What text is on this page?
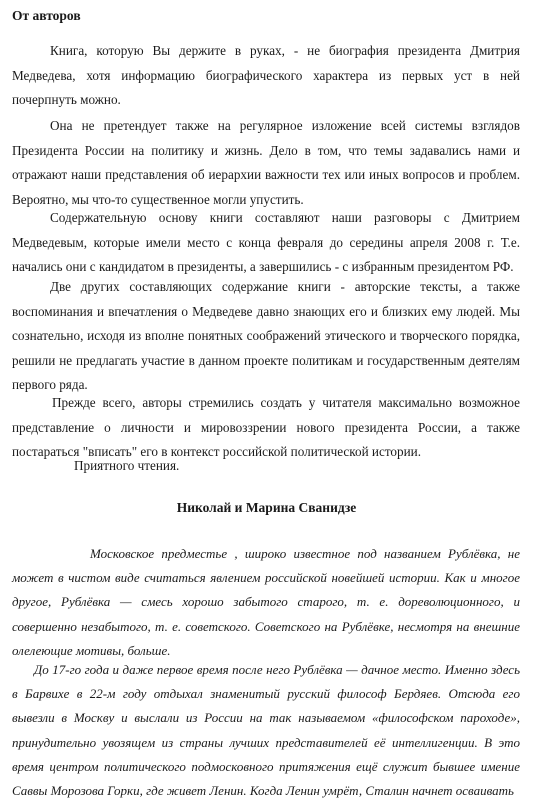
От авторов

Книга, которую Вы держите в руках, - не биография президента Дмитрия Медведева, хотя информацию биографического характера из первых уст в ней почерпнуть можно.

Она не претендует также на регулярное изложение всей системы взглядов Президента России на политику и жизнь. Дело в том, что темы задавались нами и отражают наши представления об иерархии важности тех или иных вопросов и проблем. Вероятно, мы что-то существенное могли упустить.

Содержательную основу книги составляют наши разговоры с Дмитрием Медведевым, которые имели место с конца февраля до середины апреля 2008 г. Т.е. начались они с кандидатом в президенты, а завершились - с избранным президентом РФ.

Две других составляющих содержание книги - авторские тексты, а также воспоминания и впечатления о Медведеве давно знающих его и близких ему людей. Мы сознательно, исходя из вполне понятных соображений этического и творческого порядка, решили не предлагать участие в данном проекте политикам и государственным деятелям первого ряда.

Прежде всего, авторы стремились создать у читателя максимально возможное представление о личности и мировоззрении нового президента России, а также постараться "вписать" его в контекст российской политической истории.

Приятного чтения.

Николай и Марина Сванидзе

Московское предместье , широко известное под названием Рублёвка, не может в чистом виде считаться явлением российской новейшей истории. Как и многое другое, Рублёвка — смесь хорошо забытого старого, т. е. дореволюционного, и совершенно незабытого, т. е. советского. Советского на Рублёвке, несмотря на внешние олелеющие мотивы, больше.

До 17-го года и даже первое время после него Рублёвка — дачное место. Именно здесь в Барвихе в 22-м году отдыхал знаменитый русский философ Бердяев. Отсюда его вывезли в Москву и выслали из России на так называемом «философском пароходе», принудительно увозящем из страны лучших представителей её интеллигенции. В это время центром политического подмосковного притяжения ещё служит бывшее имение Саввы Морозова Горки, где живет Ленин. Когда Ленин умрёт, Сталин начнет осваивать
